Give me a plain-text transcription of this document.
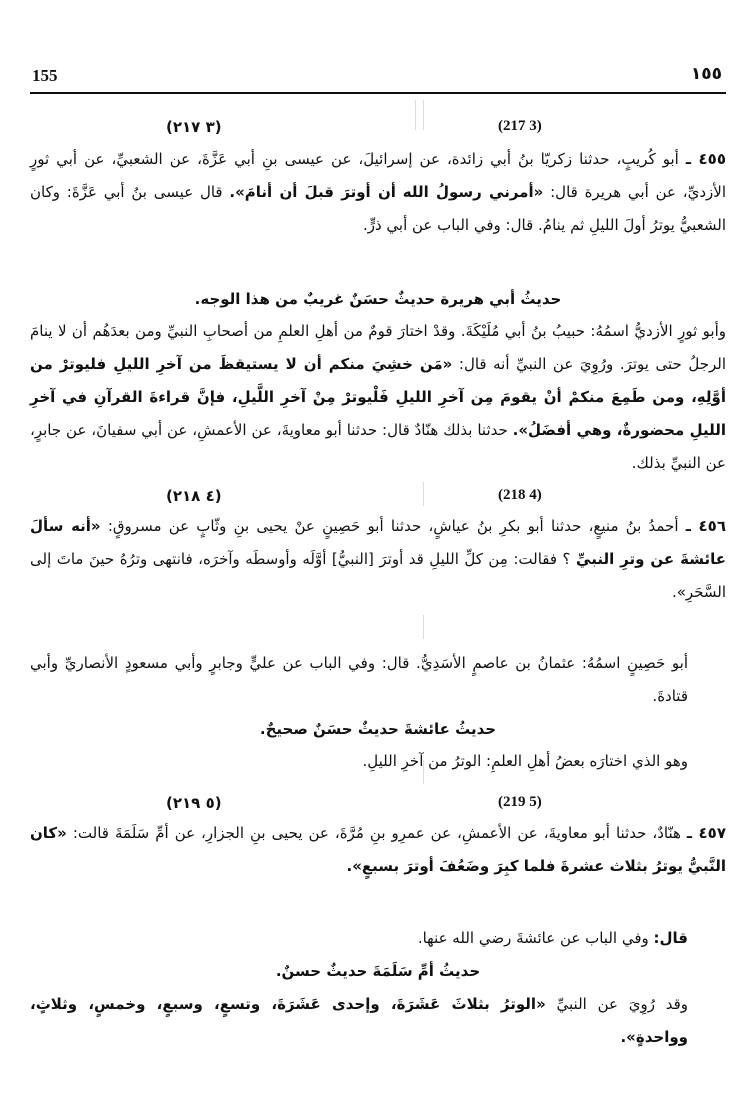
155	١٥٥
(٣ ٢١٧)	(217 3)
٤٥٥ ـ أبو كُريبٍ، حدثنا زكريّا بنُ أبي زائدة، عن إسرائيلَ، عن عيسى بنِ أبي عَزَّةَ، عن الشعبيِّ، عن أبي ثورٍ الأزديِّ، عن أبي هريرة قال: «أمرني رسولُ الله أن أوترَ قبلَ أن أنامَ». قال عيسى بنُ أبي عَزَّةَ: وكان الشعبيُّ يوترُ أولَ الليلِ ثم ينامُ. قال: وفي الباب عن أبي ذرٍّ.
حديثُ أبي هريرة حديثٌ حسَنٌ غريبٌ من هذا الوجه.
وأبو ثورٍ الأزديُّ اسمُهُ: حبيبُ بنُ أبي مُلَيْكَةَ. وقدْ اختارَ قومٌ من أهلِ العلمِ من أصحابِ النبيِّ ومن بعدَهُم أن لا ينامَ الرجلُ حتى يوترَ. ورُوِيَ عن النبيِّ أنه قال: «مَن خشِيَ منكم أن لا يستيقظَ من آخرِ الليلِ فليوترْ من أوَّلِهِ، ومن طَمِعَ منكمْ أنْ يقومَ مِن آخرِ الليلِ فَلْيوترْ مِنْ آخرِ اللَّيلِ، فإنَّ قراءةَ القرآنِ في آخرِ الليلِ محضورةٌ، وهي أفضَلُ». حدثنا بذلك هنّادٌ قال: حدثنا أبو معاويةَ، عن الأعمشِ، عن أبي سفيانَ، عن جابرٍ، عن النبيِّ بذلك.
(٤ ٢١٨)	(218 4)
٤٥٦ ـ أحمدُ بنُ منيعٍ، حدثنا أبو بكرِ بنُ عياشٍ، حدثنا أبو حَصِينٍ عنْ يحيى بنِ وثّابٍ عن مسروقٍ: «أنه سألَ عائشةَ عن وترِ النبيِّ ؟ فقالت: مِن كلِّ الليلِ قد أوترَ [النبيُّ] أوَّلَه وأوسطَه وآخرَه، فانتهى وترُهُ حينَ ماتَ إلى السَّحَرِ».
أبو حَصِينٍ اسمُهُ: عثمانُ بن عاصمٍ الأسَدِيُّ. قال: وفي الباب عن عليٍّ وجابرٍ وأبي مسعودٍ الأنصاريِّ وأبي قتادةَ.
حديثُ عائشةَ حديثٌ حسَنٌ صحيحٌ.
وهو الذي اختارَه بعضُ أهلِ العلمِ: الوترُ من آخرِ الليلِ.
(٥ ٢١٩)	(219 5)
٤٥٧ ـ هنّادٌ، حدثنا أبو معاويةَ، عن الأعمشِ، عن عمرِو بنِ مُرَّةَ، عن يحيى بنِ الجزارِ، عن أمِّ سَلَمَةَ قالت: «كان النَّبيُّ يوترُ بثلاث عشرةَ فلما كبِرَ وضَعُفَ أوترَ بسبعٍ».
قال: وفي الباب عن عائشةَ رضي الله عنها.
حديثُ أمِّ سَلَمَةَ حديثٌ حسنٌ.
وقد رُوِيَ عن النبيِّ «الوترُ بثلاثَ عَشَرَةَ، وإحدى عَشَرَةَ، وتسعٍ، وسبعٍ، وخمسٍ، وثلاثٍ، وواحدةٍ».
